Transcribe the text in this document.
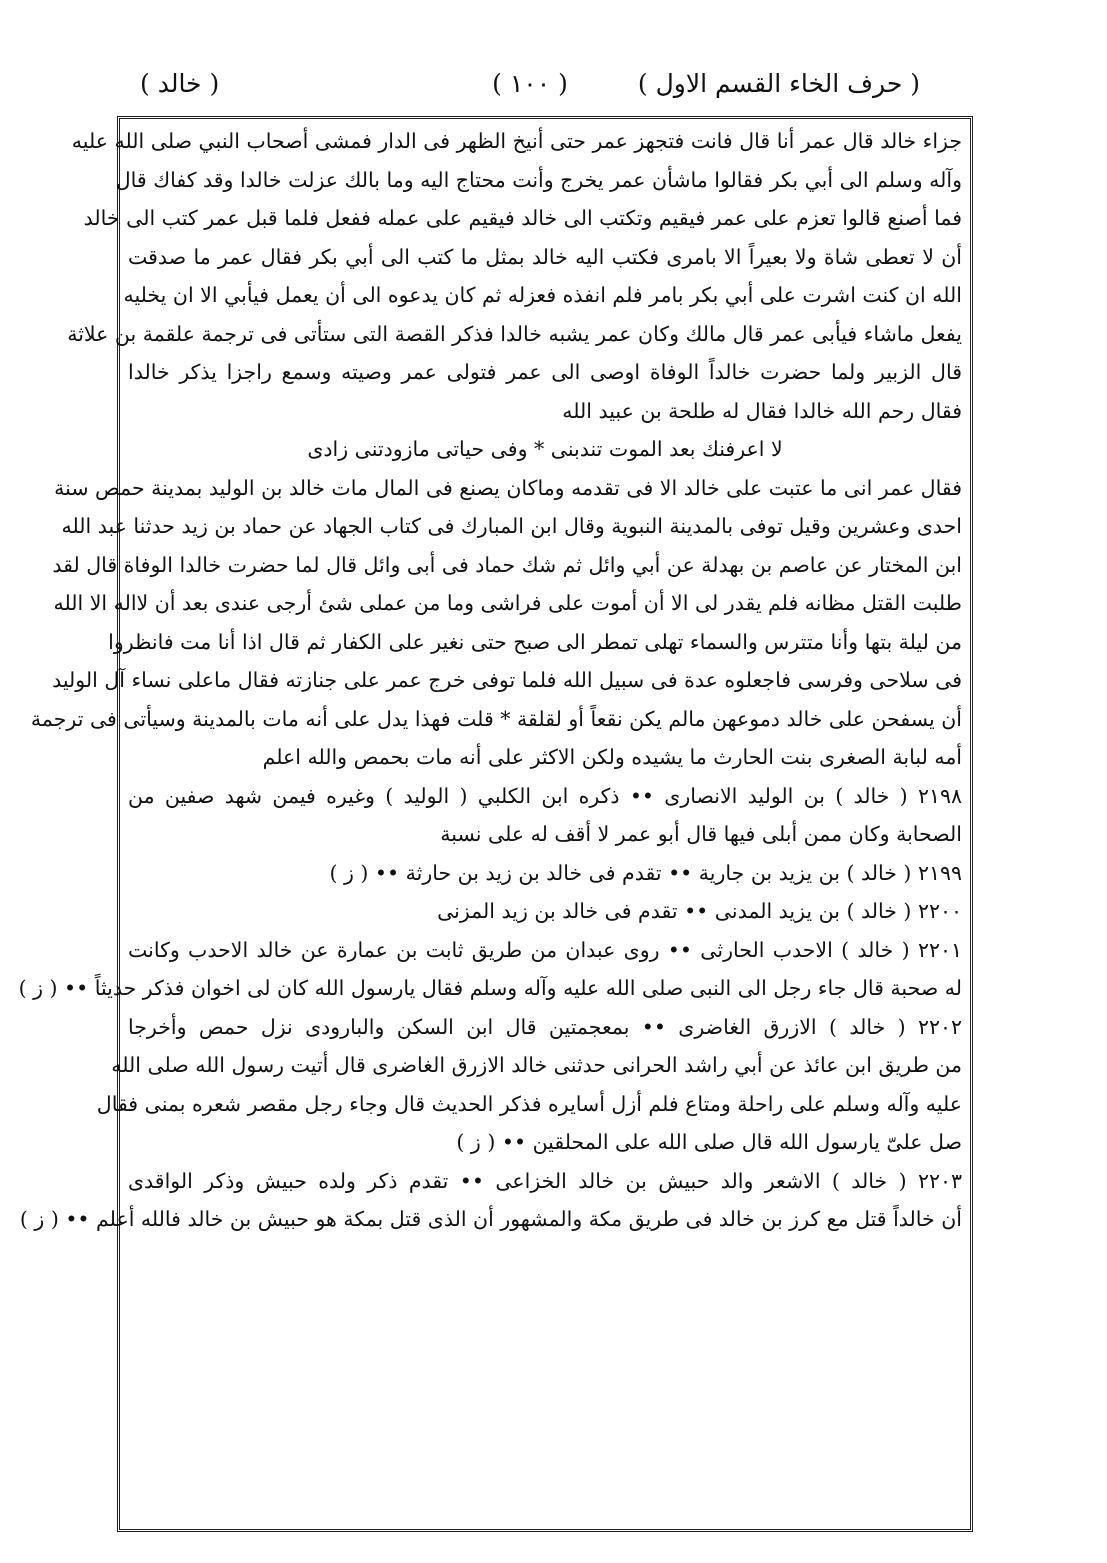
( حرف الخاء القسم الاول )
( ١٠٠ )
( خالد )
جزاء خالد قال عمر أنا قال فانت فتجهز عمر حتى أنيخ الظهر فى الدار فمشى أصحاب النبي صلى الله عليه
وآله وسلم الى أبي بكر فقالوا ماشأن عمر يخرج وأنت محتاج اليه وما بالك عزلت خالدا وقد كفاك قال
فما أصنع قالوا تعزم على عمر فيقيم وتكتب الى خالد فيقيم على عمله ففعل فلما قبل عمر كتب الى خالد
أن لا تعطى شاة ولا بعيراً الا بامرى فكتب اليه خالد بمثل ما كتب الى أبي بكر فقال عمر ما صدقت
الله ان كنت اشرت على أبي بكر بامر فلم انفذه فعزله ثم كان يدعوه الى أن يعمل فيأبي الا ان يخليه
يفعل ماشاء فيأبى عمر قال مالك وكان عمر يشبه خالدا فذكر القصة التى ستأتى فى ترجمة علقمة بن علاثة
قال الزبير ولما حضرت خالداً الوفاة اوصى الى عمر فتولى عمر وصيته وسمع راجزا يذكر خالدا
فقال رحم الله خالدا فقال له طلحة بن عبيد الله
لا اعرفنك بعد الموت تندبنى * وفى حياتى مازودتنى زادى
فقال عمر انى ما عتبت على خالد الا فى تقدمه وماكان يصنع فى المال مات خالد بن الوليد بمدينة حمص سنة
احدى وعشرين وقيل توفى بالمدينة النبوية وقال ابن المبارك فى كتاب الجهاد عن حماد بن زيد حدثنا عبد الله
ابن المختار عن عاصم بن بهدلة عن أبي وائل ثم شك حماد فى أبى وائل قال لما حضرت خالدا الوفاة قال لقد
طلبت القتل مظانه فلم يقدر لى الا أن أموت على فراشى وما من عملى شئ أرجى عندى بعد أن لااله الا الله
من ليلة بتها وأنا متترس والسماء تهلى تمطر الى صبح حتى نغير على الكفار ثم قال اذا أنا مت فانظروا
فى سلاحى وفرسى فاجعلوه عدة فى سبيل الله فلما توفى خرج عمر على جنازته فقال ماعلى نساء آل الوليد
أن يسفحن على خالد دموعهن مالم يكن نقعاً أو لقلقة * قلت فهذا يدل على أنه مات بالمدينة وسيأتى فى ترجمة
أمه لبابة الصغرى بنت الحارث ما يشيده ولكن الاكثر على أنه مات بحمص والله اعلم
٢١٩٨ ( خالد ) بن الوليد الانصارى •• ذكره ابن الكلبي ( الوليد ) وغيره فيمن شهد صفين من
الصحابة وكان ممن أبلى فيها قال أبو عمر لا أقف له على نسبة
٢١٩٩ ( خالد ) بن يزيد بن جارية •• تقدم فى خالد بن زيد بن حارثة •• ( ز )
٢٢٠٠ ( خالد ) بن يزيد المدنى •• تقدم فى خالد بن زيد المزنى
٢٢٠١ ( خالد ) الاحدب الحارثى •• روى عبدان من طريق ثابت بن عمارة عن خالد الاحدب وكانت
له صحبة قال جاء رجل الى النبى صلى الله عليه وآله وسلم فقال يارسول الله كان لى اخوان فذكر حديثاً •• ( ز )
٢٢٠٢ ( خالد ) الازرق الغاضرى •• بمعجمتين قال ابن السكن والبارودى نزل حمص وأخرجا
من طريق ابن عائذ عن أبي راشد الحرانى حدثنى خالد الازرق الغاضرى قال أتيت رسول الله صلى الله
عليه وآله وسلم على راحلة ومتاع فلم أزل أسايره فذكر الحديث قال وجاء رجل مقصر شعره بمنى فقال
صل علىّ يارسول الله قال صلى الله على المحلقين •• ( ز )
٢٢٠٣ ( خالد ) الاشعر والد حبيش بن خالد الخزاعى •• تقدم ذكر ولده حبيش وذكر الواقدى
أن خالداً قتل مع كرز بن خالد فى طريق مكة والمشهور أن الذى قتل بمكة هو حبيش بن خالد فالله أعلم •• ( ز )
